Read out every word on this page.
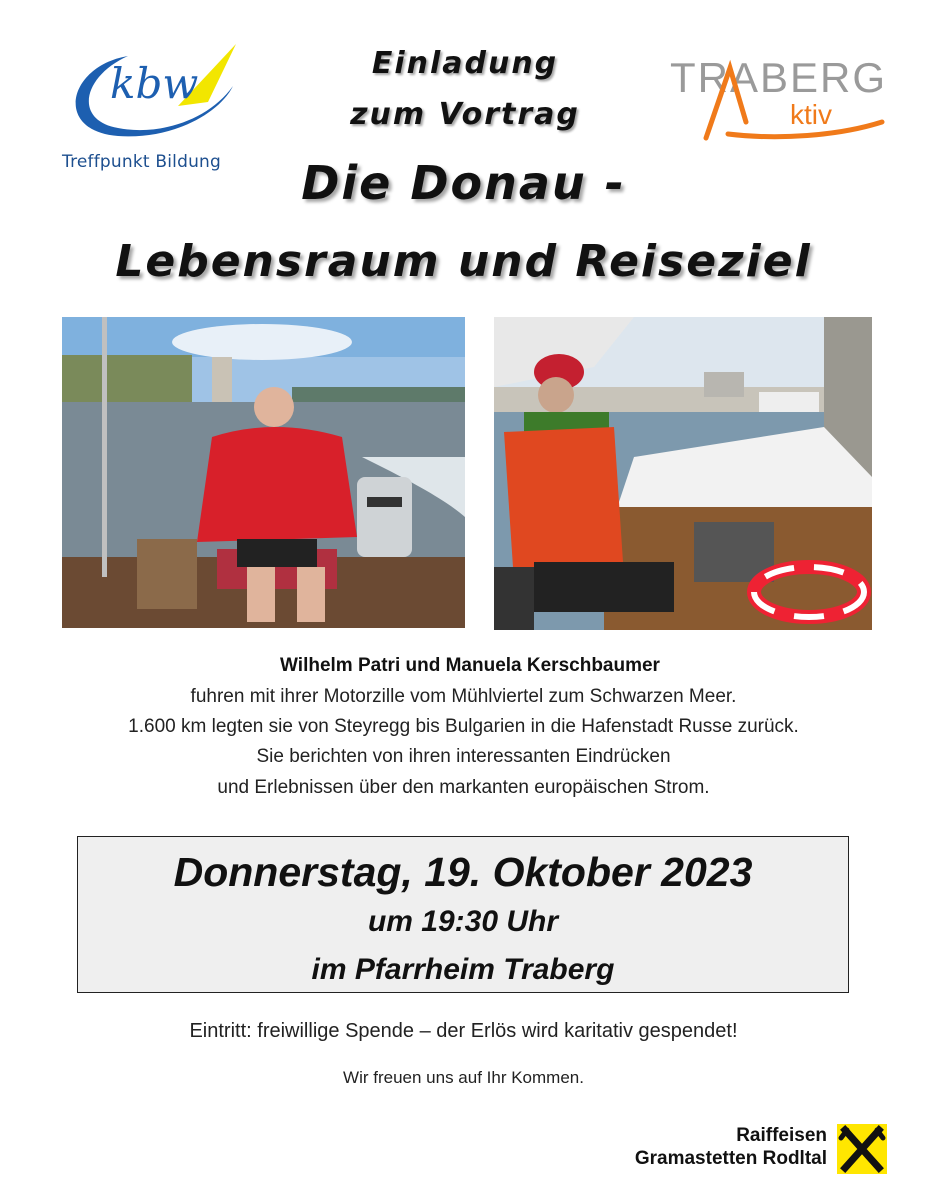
kbw
Treffpunkt Bildung
TRABERG
ktiv
Einladung
zum Vortrag
Die Donau -
Lebensraum und Reiseziel
Wilhelm Patri und Manuela Kerschbaumer
fuhren mit ihrer Motorzille vom Mühlviertel zum Schwarzen Meer.
1.600 km legten sie von Steyregg bis Bulgarien in die Hafenstadt Russe zurück.
Sie berichten von ihren interessanten Eindrücken
und Erlebnissen über den markanten europäischen Strom.
Donnerstag, 19. Oktober 2023
um 19:30 Uhr
im Pfarrheim Traberg
Eintritt: freiwillige Spende – der Erlös wird karitativ gespendet!
Wir freuen uns auf Ihr Kommen.
Raiffeisen
Gramastetten Rodltal
